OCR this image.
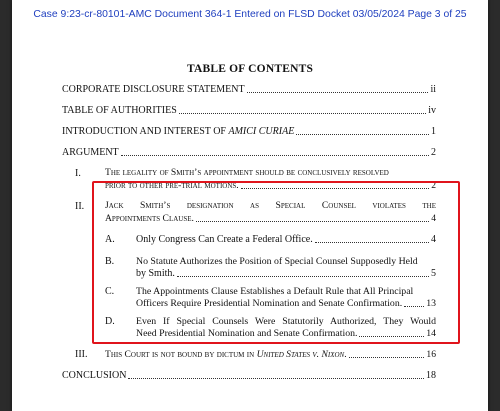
Case 9:23-cr-80101-AMC Document 364-1 Entered on FLSD Docket 03/05/2024 Page 3 of 25
TABLE OF CONTENTS
CORPORATE DISCLOSURE STATEMENT	ii
TABLE OF AUTHORITIES	iv
INTRODUCTION AND INTEREST OF AMICI CURIAE	1
ARGUMENT	2
I.	The legality of Smith’s appointment should be conclusively resolved
prior to other pre-trial motions.	2
II. Jack Smith’s designation as Special Counsel violates the
Appointments Clause.	4
A. Only Congress Can Create a Federal Office.	4
B. No Statute Authorizes the Position of Special Counsel Supposedly Held
by Smith.	5
C. The Appointments Clause Establishes a Default Rule that All Principal
Officers Require Presidential Nomination and Senate Confirmation. 13
D. Even If Special Counsels Were Statutorily Authorized, They Would
Need Presidential Nomination and Senate Confirmation.	14
III. This Court is not bound by dictum in United States v. Nixon.	16
CONCLUSION	18
